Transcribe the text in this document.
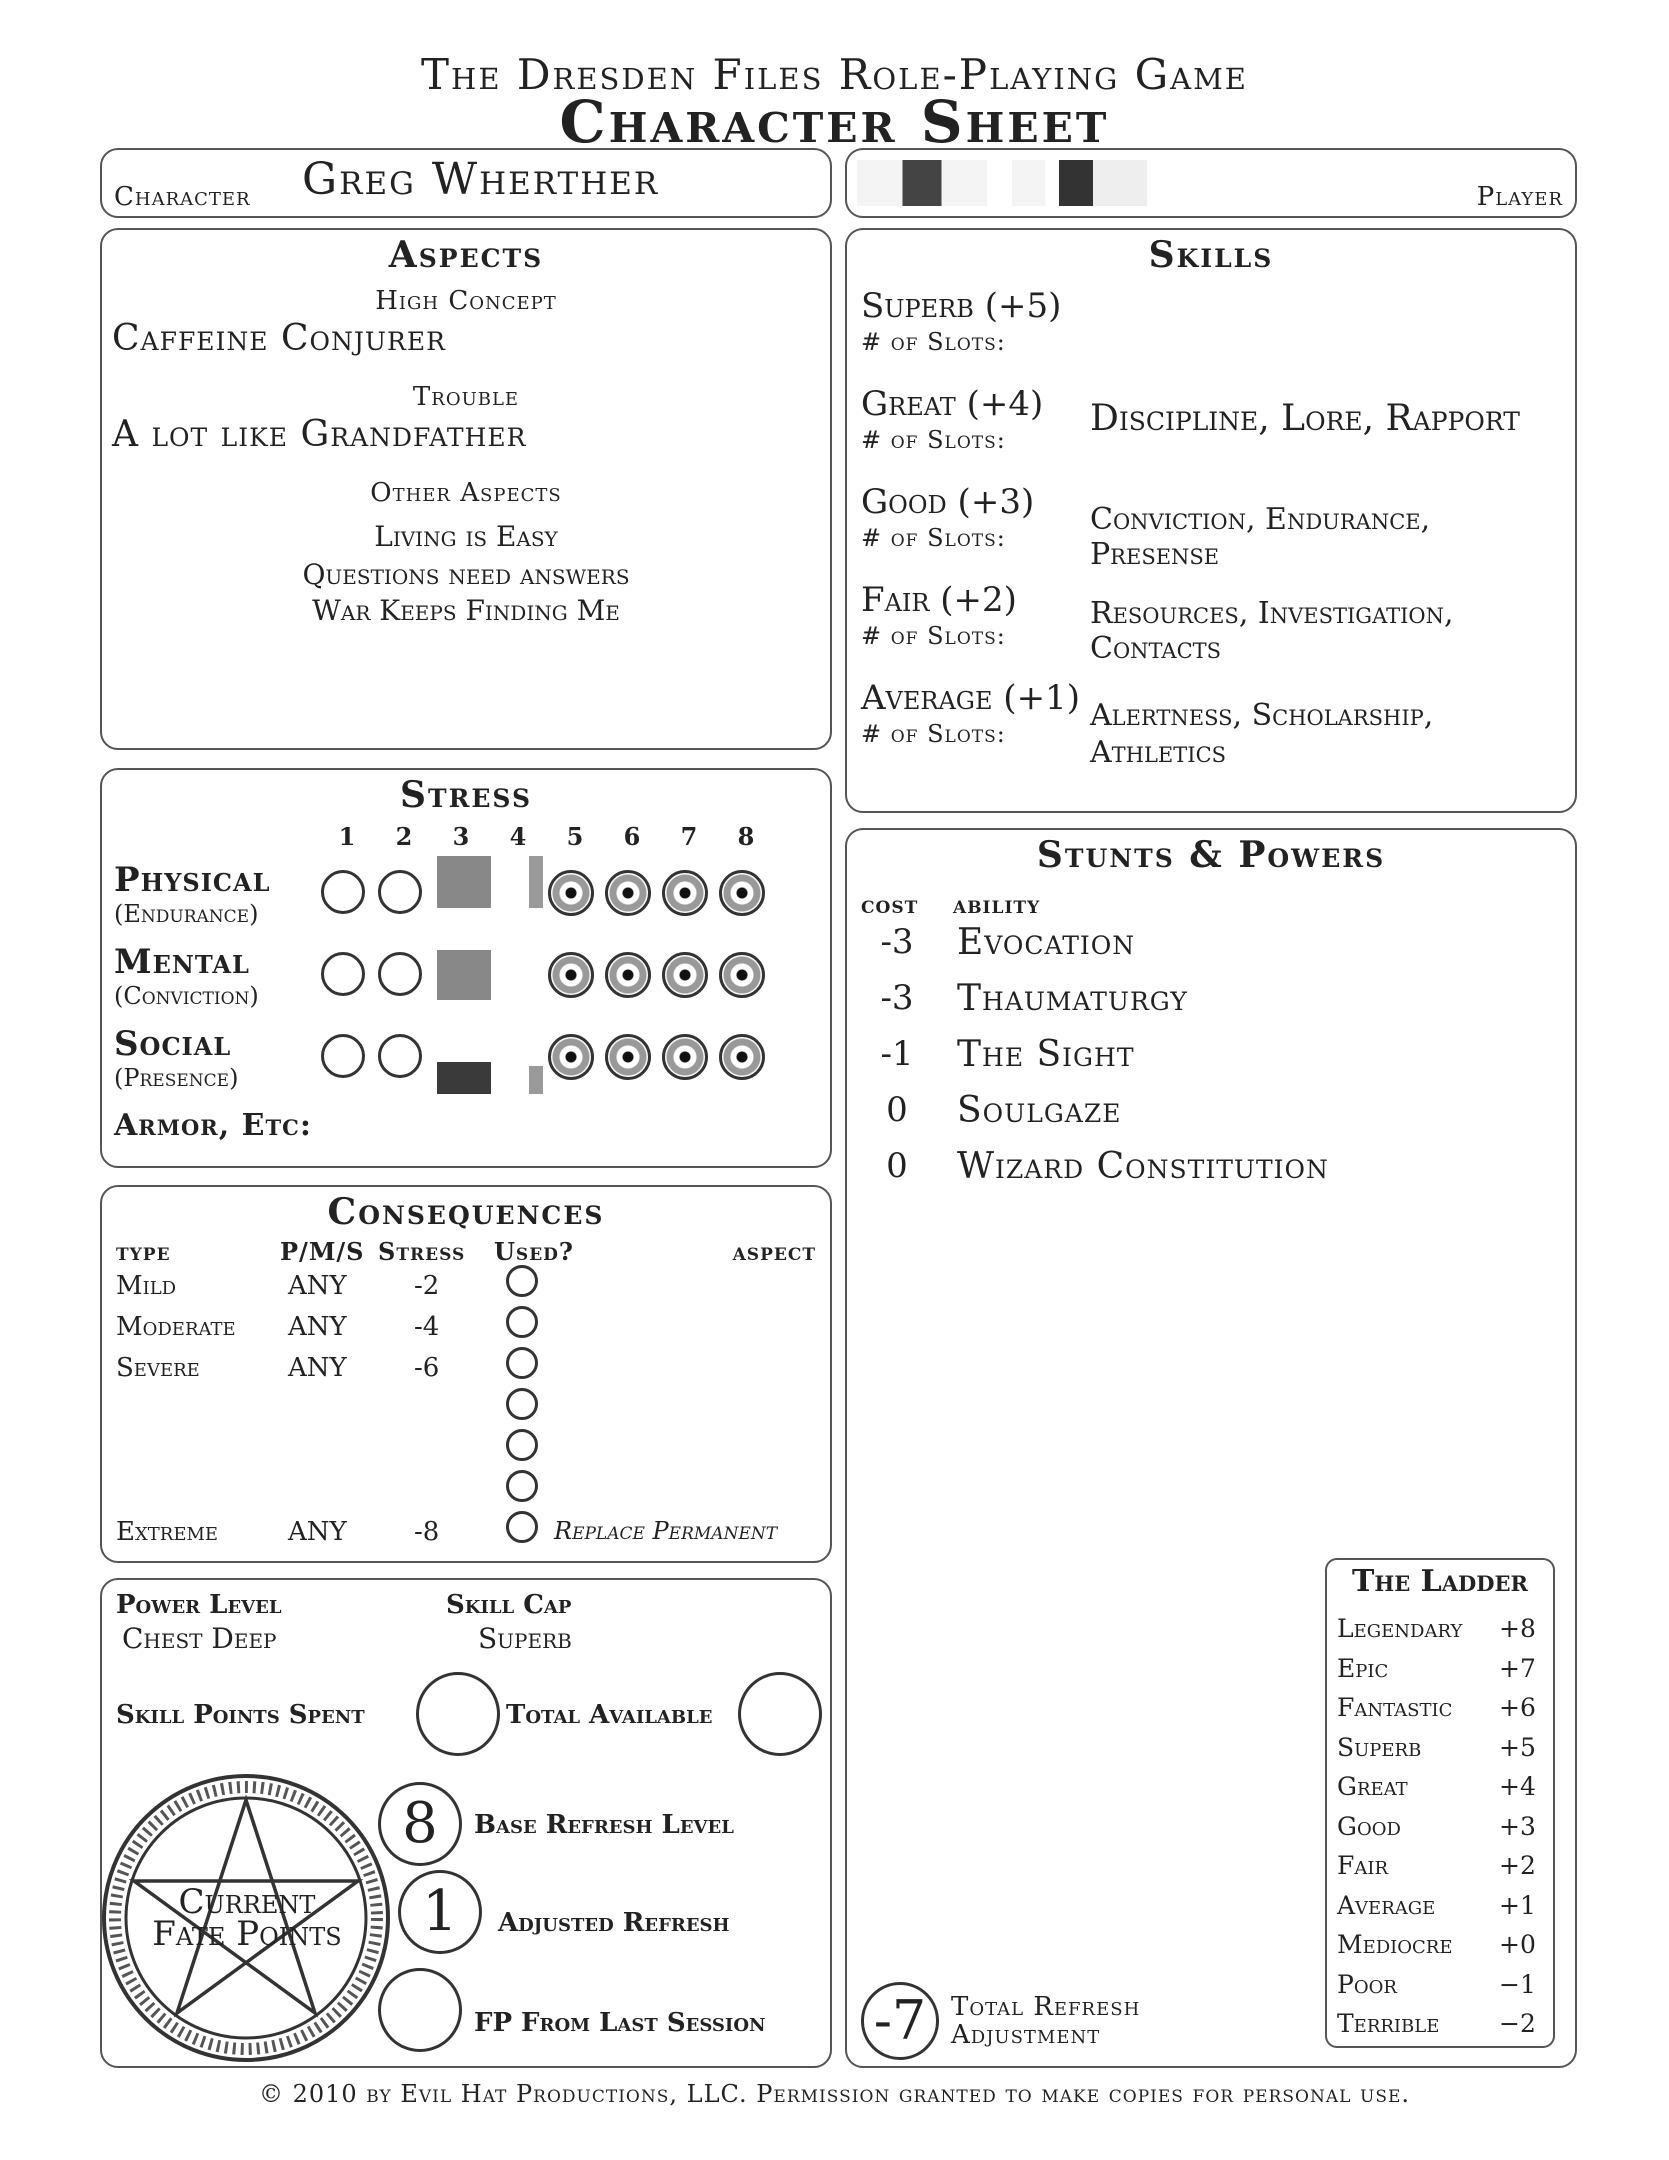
The Dresden Files Role-Playing Game
Character Sheet
Character Greg Wherther	Player
Aspects
High Concept
Caffeine Conjurer
Trouble
A lot like Grandfather
Other Aspects
Living is Easy
Questions need answers
War Keeps Finding Me
Skills
Superb (+5)
# of Slots:
Great (+4)
# of Slots:
Discipline, Lore, Rapport
Good (+3)
# of Slots:
Conviction, Endurance, Presense
Fair (+2)
# of Slots:
Resources, Investigation, Contacts
Average (+1)
# of Slots:
Alertness, Scholarship, Athletics
Stress
1 2 3 4 5 6 7 8
Physical
(Endurance)
Mental
(Conviction)
Social
(Presence)
Armor, Etc:
Stunts & Powers
cost ability
-3	Evocation
-3	Thaumaturgy
-1	The Sight
0	Soulgaze
0	Wizard Constitution
The Ladder
Legendary +8
Epic	+7
Fantastic +6
Superb	+5
Great	+4
Good	+3
Fair	+2
Average	+1
Mediocre +0
Poor	−1
Terrible −2
-7 Total Refresh
Adjustment
Consequences
type	P/M/S Stress Used?	aspect
Mild	ANY	-2
Moderate ANY	-4
Severe	ANY	-6
Extreme	ANY	-8	Replace Permanent
Power Level
Chest Deep
Skill Cap
Superb
Skill Points Spent	Total Available
Current
Fate Points
8	Base Refresh Level
1	Adjusted Refresh
FP From Last Session
© 2010 by Evil Hat Productions, LLC. Permission granted to make copies for personal use.
